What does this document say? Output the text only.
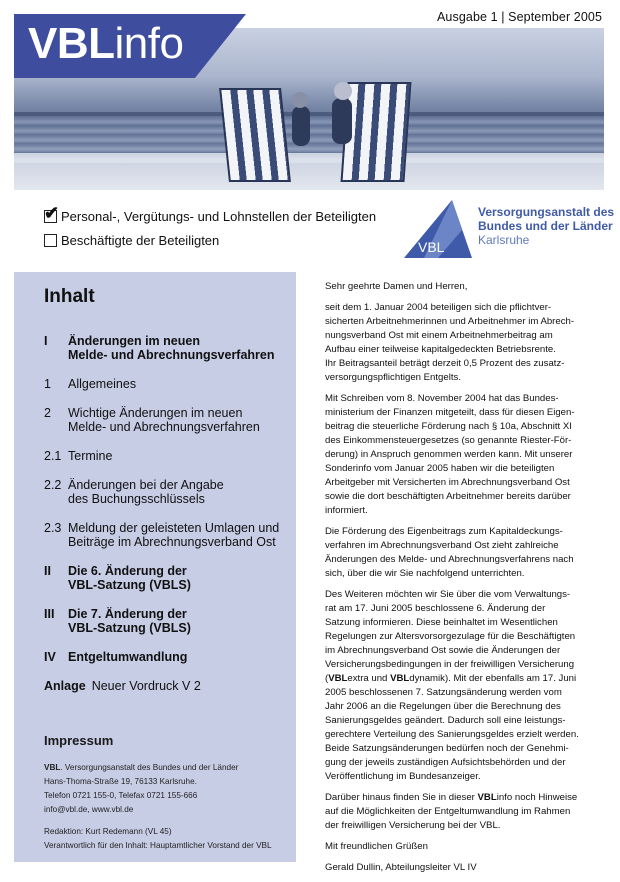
Ausgabe 1 | September 2005
VBLinfo
✔ Personal-, Vergütungs- und Lohnstellen der Beteiligten
Beschäftigte der Beteiligten	VBL
Versorgungsanstalt des
Bundes und der Länder
Karlsruhe
Inhalt
I	Änderungen im neuen
Melde- und Abrechnungsverfahren
1	Allgemeines
2	Wichtige Änderungen im neuen
Melde- und Abrechnungsverfahren
2.1 Termine
2.2 Änderungen bei der Angabe
des Buchungsschlüssels
2.3 Meldung der geleisteten Umlagen und
Beiträge im Abrechnungsverband Ost
II	Die 6. Änderung der
VBL-Satzung (VBLS)
III	Die 7. Änderung der
VBL-Satzung (VBLS)
IV Entgeltumwandlung
Anlage Neuer Vordruck V 2
Impressum
VBL. Versorgungsanstalt des Bundes und der Länder
Hans-Thoma-Straße 19, 76133 Karlsruhe.
Telefon 0721 155-0, Telefax 0721 155-666
info@vbl.de, www.vbl.de
Redaktion: Kurt Redemann (VL 45)
Verantwortlich für den Inhalt: Hauptamtlicher Vorstand der VBL

Sehr geehrte Damen und Herren,

seit dem 1. Januar 2004 beteiligen sich die pflichtver-
sicherten Arbeitnehmerinnen und Arbeitnehmer im Abrech-
nungsverband Ost mit einem Arbeitnehmerbeitrag am
Aufbau einer teilweise kapitalgedeckten Betriebsrente.
Ihr Beitragsanteil beträgt derzeit 0,5 Prozent des zusatz-
versorgungspflichtigen Entgelts.

Mit Schreiben vom 8. November 2004 hat das Bundes-
ministerium der Finanzen mitgeteilt, dass für diesen Eigen-
beitrag die steuerliche Förderung nach § 10a, Abschnitt XI
des Einkommensteuergesetzes (so genannte Riester-För-
derung) in Anspruch genommen werden kann. Mit unserer
Sonderinfo vom Januar 2005 haben wir die beteiligten
Arbeitgeber mit Versicherten im Abrechnungsverband Ost
sowie die dort beschäftigten Arbeitnehmer bereits darüber
informiert.

Die Förderung des Eigenbeitrags zum Kapitaldeckungs-
verfahren im Abrechnungsverband Ost zieht zahlreiche
Änderungen des Melde- und Abrechnungsverfahrens nach
sich, über die wir Sie nachfolgend unterrichten.

Des Weiteren möchten wir Sie über die vom Verwaltungs-
rat am 17. Juni 2005 beschlossene 6. Änderung der
Satzung informieren. Diese beinhaltet im Wesentlichen
Regelungen zur Altersvorsorgezulage für die Beschäftigten
im Abrechnungsverband Ost sowie die Änderungen der
Versicherungsbedingungen in der freiwilligen Versicherung
(VBLextra und VBLdynamik). Mit der ebenfalls am 17. Juni
2005 beschlossenen 7. Satzungsänderung werden vom
Jahr 2006 an die Regelungen über die Berechnung des
Sanierungsgeldes geändert. Dadurch soll eine leistungs-
gerechtere Verteilung des Sanierungsgeldes erzielt werden.
Beide Satzungsänderungen bedürfen noch der Genehmi-
gung der jeweils zuständigen Aufsichtsbehörden und der
Veröffentlichung im Bundesanzeiger.

Darüber hinaus finden Sie in dieser VBLinfo noch Hinweise
auf die Möglichkeiten der Entgeltumwandlung im Rahmen
der freiwilligen Versicherung bei der VBL.

Mit freundlichen Grüßen

Gerald Dullin, Abteilungsleiter VL IV
